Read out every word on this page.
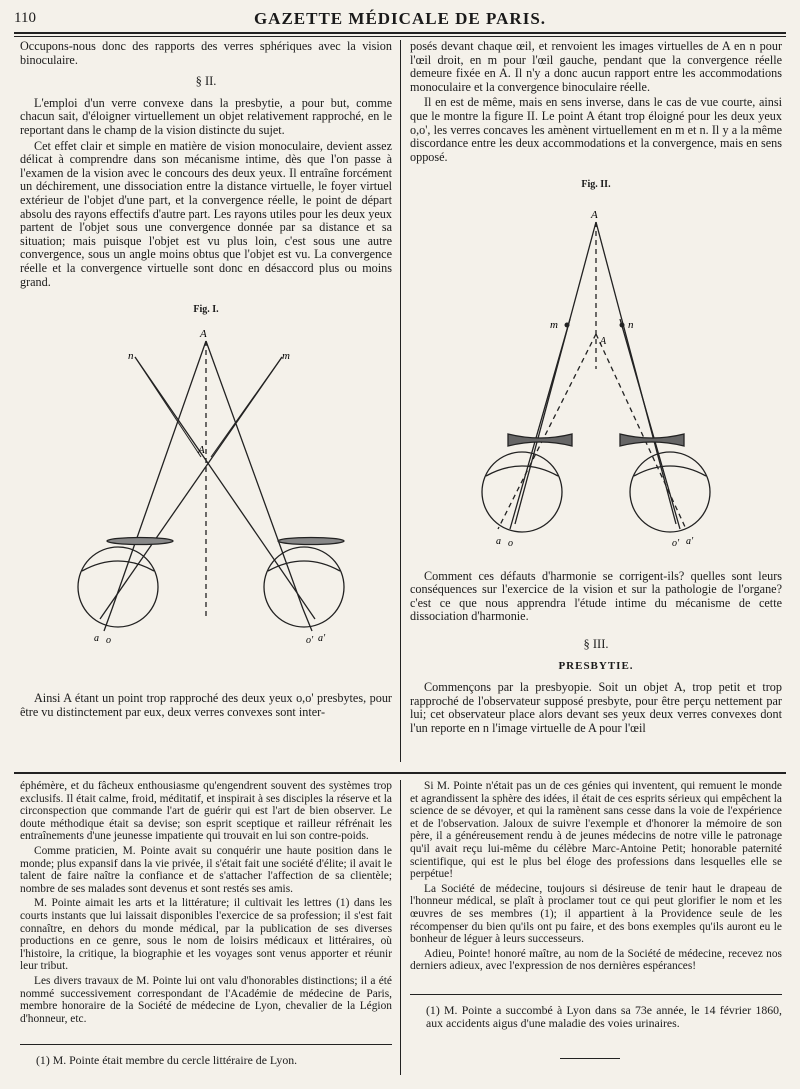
110	GAZETTE MÉDICALE DE PARIS.

Occupons-nous donc des rapports des verres sphériques avec la vision binoculaire.

§ II.

L'emploi d'un verre convexe dans la presbytie, a pour but, comme chacun sait, d'éloigner virtuellement un objet relativement rapproché, en le reportant dans le champ de la vision distincte du sujet.

Cet effet clair et simple en matière de vision monoculaire, devient assez délicat à comprendre dans son mécanisme intime, dès que l'on passe à l'examen de la vision avec le concours des deux yeux. Il entraîne forcément un déchirement, une dissociation entre la distance virtuelle, le foyer virtuel extérieur de l'objet d'une part, et la convergence réelle, le point de départ absolu des rayons effectifs d'autre part. Les rayons utiles pour les deux yeux partent de l'objet sous une convergence donnée par sa distance et sa situation; mais puisque l'objet est vu plus loin, c'est sous une autre convergence, sous un angle moins obtus que l'objet est vu. La convergence réelle et la convergence virtuelle sont donc en désaccord plus ou moins grand.

Fig. I.
A
A
n	m
a o	o' a'

Ainsi A étant un point trop rapproché des deux yeux o,o' presbytes, pour être vu distinctement par eux, deux verres convexes sont inter-

posés devant chaque œil, et renvoient les images virtuelles de A en n pour l'œil droit, en m pour l'œil gauche, pendant que la convergence réelle demeure fixée en A. Il n'y a donc aucun rapport entre les accommodations monoculaire et la convergence binoculaire réelle.

Il en est de même, mais en sens inverse, dans le cas de vue courte, ainsi que le montre la figure II. Le point A étant trop éloigné pour les deux yeux o,o', les verres concaves les amènent virtuellement en m et n. Il y a la même discordance entre les deux accommodations et la convergence, mais en sens opposé.

Fig. II.
A
A
m	n
a o	o' a'

Comment ces défauts d'harmonie se corrigent-ils? quelles sont leurs conséquences sur l'exercice de la vision et sur la pathologie de l'organe? c'est ce que nous apprendra l'étude intime du mécanisme de cette dissociation d'harmonie.

§ III.
PRESBYTIE.

Commençons par la presbyopie. Soit un objet A, trop petit et trop rapproché de l'observateur supposé presbyte, pour être perçu nettement par lui; cet observateur place alors devant ses yeux deux verres convexes dont l'un reporte en n l'image virtuelle de A pour l'œil

éphémère, et du fâcheux enthousiasme qu'engendrent souvent des systèmes trop exclusifs. Il était calme, froid, méditatif, et inspirait à ses disciples la réserve et la circonspection que commande l'art de guérir qui est l'art de bien observer. Le doute méthodique était sa devise; son esprit sceptique et railleur réfrénait les entraînements d'une jeunesse impatiente qui trouvait en lui son contre-poids.

Comme praticien, M. Pointe avait su conquérir une haute position dans le monde; plus expansif dans la vie privée, il s'était fait une société d'élite; il avait le talent de faire naître la confiance et de s'attacher l'affection de sa clientèle; nombre de ses malades sont devenus et sont restés ses amis.

M. Pointe aimait les arts et la littérature; il cultivait les lettres (1) dans les courts instants que lui laissait disponibles l'exercice de sa profession; il s'est fait connaître, en dehors du monde médical, par la publication de ses diverses productions en ce genre, sous le nom de loisirs médicaux et littéraires, où l'histoire, la critique, la biographie et les voyages sont venus apporter et réunir leur tribut.

Les divers travaux de M. Pointe lui ont valu d'honorables distinctions; il a été nommé successivement correspondant de l'Académie de médecine de Paris, membre honoraire de la Société de médecine de Lyon, chevalier de la Légion d'honneur, etc.

(1) M. Pointe était membre du cercle littéraire de Lyon.

Si M. Pointe n'était pas un de ces génies qui inventent, qui remuent le monde et agrandissent la sphère des idées, il était de ces esprits sérieux qui empêchent la science de se dévoyer, et qui la ramènent sans cesse dans la voie de l'expérience et de l'observation. Jaloux de suivre l'exemple et d'honorer la mémoire de son père, il a généreusement rendu à de jeunes médecins de notre ville le patronage qu'il avait reçu lui-même du célèbre Marc-Antoine Petit; honorable paternité scientifique, qui est le plus bel éloge des professions dans lesquelles elle se perpétue!

La Société de médecine, toujours si désireuse de tenir haut le drapeau de l'honneur médical, se plaît à proclamer tout ce qui peut glorifier le nom et les œuvres de ses membres (1); il appartient à la Providence seule de les récompenser du bien qu'ils ont pu faire, et des bons exemples qu'ils auront eu le bonheur de léguer à leurs successeurs.

Adieu, Pointe! honoré maître, au nom de la Société de médecine, recevez nos derniers adieux, avec l'expression de nos dernières espérances!

(1) M. Pointe a succombé à Lyon dans sa 73e année, le 14 février 1860, aux accidents aigus d'une maladie des voies urinaires.
